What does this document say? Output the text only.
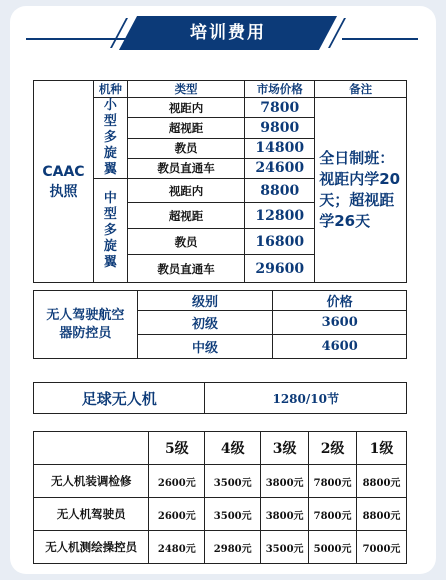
培训费用
CAAC
执照	机种	类型	市场价格	备注

	小型多旋翼	视距内	7800	全日制班：视距内学20天；超视距学26天

		超视距	9800	
		教员	14800	
		教员直通车	24600	

	中型多旋翼	视距内	8800	
		超视距	12800	
		教员	16800	
		教员直通车	29600	
无人驾驶航空器防控员	级别	价格
	初级	3600
	中级	4600
足球无人机	1280/10节
	5级	4级	3级	2级	1级
无人机装调检修	2600元	3500元	3800元	7800元	8800元
无人机驾驶员	2600元	3500元	3800元	7800元	8800元
无人机测绘操控员	2480元	2980元	3500元	5000元	7000元
